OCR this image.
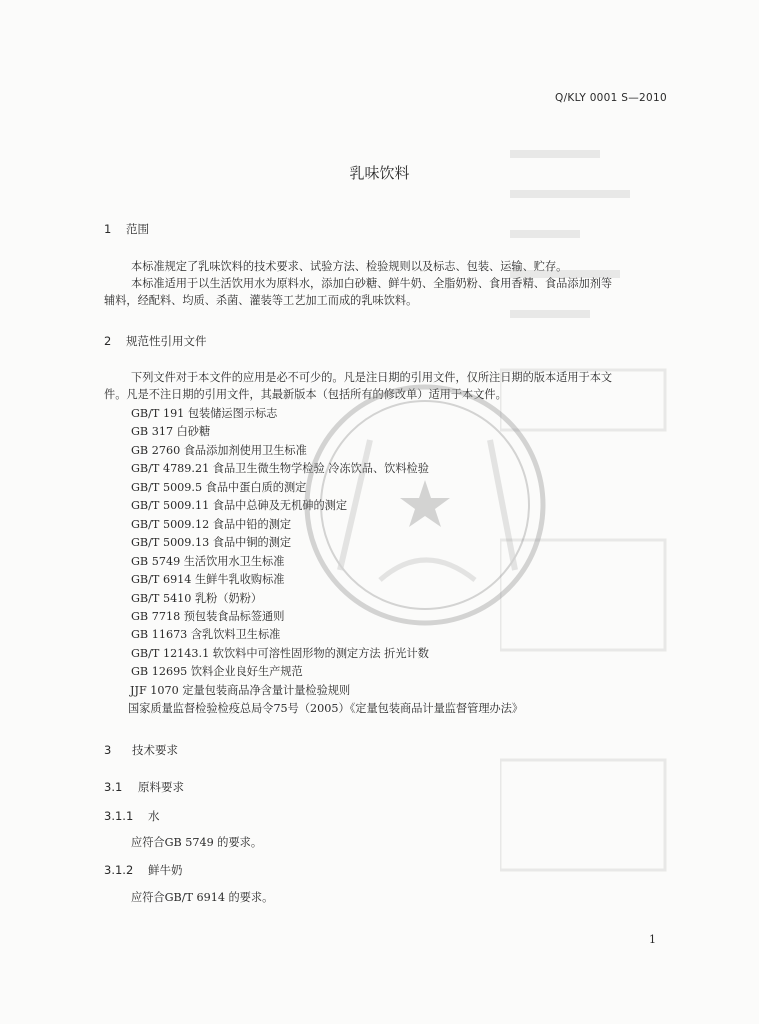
Q/KLY 0001 S—2010
乳味饮料
1 范围
本标准规定了乳味饮料的技术要求、试验方法、检验规则以及标志、包装、运输、贮存。
本标准适用于以生活饮用水为原料水，添加白砂糖、鲜牛奶、全脂奶粉、食用香精、食品添加剂等
辅料，经配料、均质、杀菌、灌装等工艺加工而成的乳味饮料。
2 规范性引用文件
下列文件对于本文件的应用是必不可少的。凡是注日期的引用文件，仅所注日期的版本适用于本文
件。凡是不注日期的引用文件，其最新版本（包括所有的修改单）适用于本文件。
GB/T 191 包装储运图示标志
GB 317 白砂糖
GB 2760 食品添加剂使用卫生标准
GB/T 4789.21 食品卫生微生物学检验 冷冻饮品、饮料检验
GB/T 5009.5 食品中蛋白质的测定
GB/T 5009.11 食品中总砷及无机砷的测定
GB/T 5009.12 食品中铅的测定
GB/T 5009.13 食品中铜的测定
GB 5749 生活饮用水卫生标准
GB/T 6914 生鲜牛乳收购标准
GB/T 5410 乳粉（奶粉）
GB 7718 预包装食品标签通则
GB 11673 含乳饮料卫生标准
GB/T 12143.1 软饮料中可溶性固形物的测定方法 折光计数
GB 12695 饮料企业良好生产规范
JJF 1070 定量包装商品净含量计量检验规则
国家质量监督检验检疫总局令75号（2005）《定量包装商品计量监督管理办法》
3 技术要求
3.1 原料要求
3.1.1 水
应符合GB 5749 的要求。
3.1.2 鲜牛奶
应符合GB/T 6914 的要求。
1
